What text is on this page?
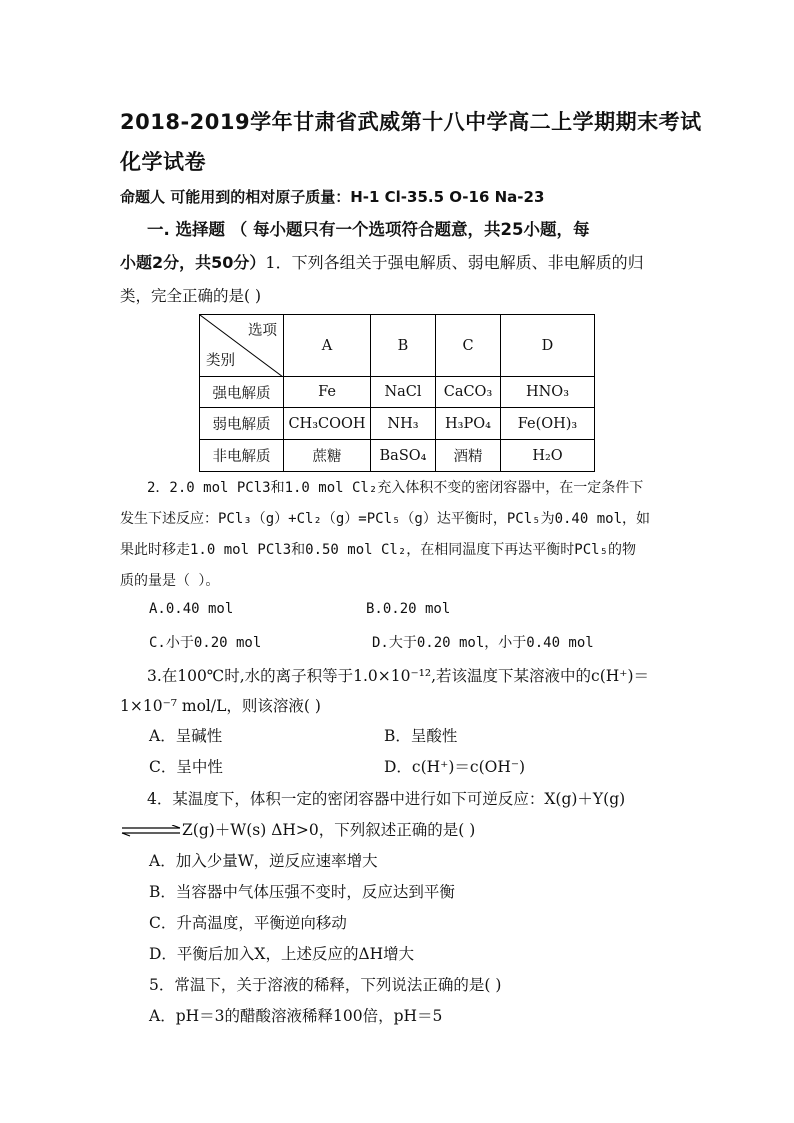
2018-2019学年甘肃省武威第十八中学高二上学期期末考试
化学试卷
命题人 可能用到的相对原子质量：H-1 Cl-35.5 O-16 Na-23
一. 选择题 （ 每小题只有一个选项符合题意，共25小题，每
小题2分，共50分）1．下列各组关于强电解质、弱电解质、非电解质的归
类，完全正确的是( )
选项
类别	A	B	C	D
强电解质	Fe	NaCl	CaCO₃	HNO₃
弱电解质	CH₃COOH	NH₃	H₃PO₄	Fe(OH)₃
非电解质	蔗糖	BaSO₄	酒精	H₂O
2．2.0 mol PCl3和1.0 mol Cl₂充入体积不变的密闭容器中，在一定条件下
发生下述反应：PCl₃（g）+Cl₂（g）=PCl₅（g）达平衡时，PCl₅为0.40 mol，如
果此时移走1.0 mol PCl3和0.50 mol Cl₂，在相同温度下再达平衡时PCl₅的物
质的量是（ ）。
A.0.40 mol	B.0.20 mol
C.小于0.20 mol	D.大于0.20 mol，小于0.40 mol
3.在100℃时,水的离子积等于1.0×10⁻¹²,若该温度下某溶液中的c(H⁺)＝
1×10⁻⁷ mol/L，则该溶液( )
A．呈碱性	B．呈酸性
C．呈中性	D．c(H⁺)＝c(OH⁻)
4．某温度下，体积一定的密闭容器中进行如下可逆反应：X(g)＋Y(g)
⇌Z(g)＋W(s) ΔH>0，下列叙述正确的是( )
A．加入少量W，逆反应速率增大
B．当容器中气体压强不变时，反应达到平衡
C．升高温度，平衡逆向移动
D．平衡后加入X，上述反应的ΔH增大
5．常温下，关于溶液的稀释，下列说法正确的是( )
A．pH＝3的醋酸溶液稀释100倍，pH＝5
